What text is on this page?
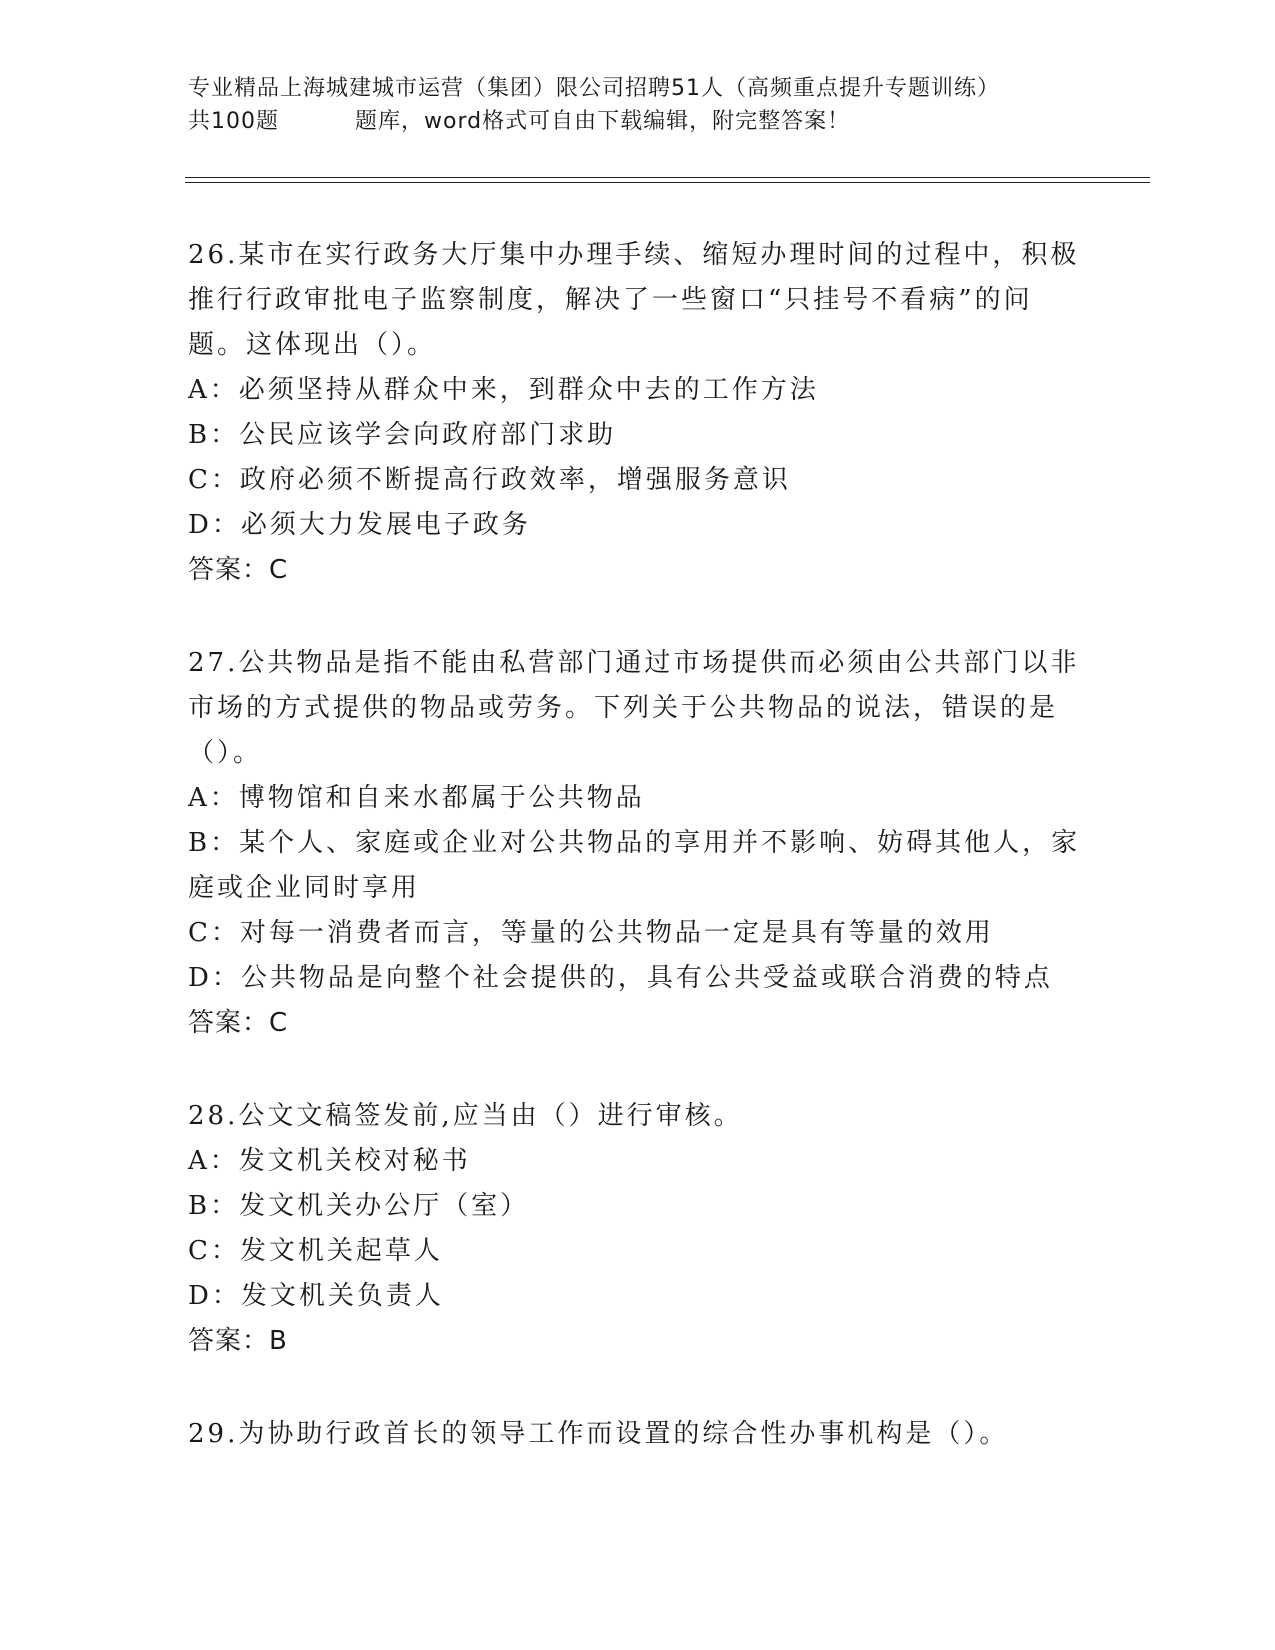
专业精品上海城建城市运营（集团）限公司招聘51人（高频重点提升专题训练）
共100题	题库，word格式可自由下载编辑，附完整答案！
26.某市在实行政务大厅集中办理手续、缩短办理时间的过程中，积极
推行行政审批电子监察制度，解决了一些窗口“只挂号不看病”的问
题。这体现出（）。
A：必须坚持从群众中来，到群众中去的工作方法
B：公民应该学会向政府部门求助
C：政府必须不断提高行政效率，增强服务意识
D：必须大力发展电子政务
答案：C
27.公共物品是指不能由私营部门通过市场提供而必须由公共部门以非
市场的方式提供的物品或劳务。下列关于公共物品的说法，错误的是
（）。
A：博物馆和自来水都属于公共物品
B：某个人、家庭或企业对公共物品的享用并不影响、妨碍其他人，家
庭或企业同时享用
C：对每一消费者而言，等量的公共物品一定是具有等量的效用
D：公共物品是向整个社会提供的，具有公共受益或联合消费的特点
答案：C
28.公文文稿签发前,应当由（）进行审核。
A：发文机关校对秘书
B：发文机关办公厅（室）
C：发文机关起草人
D：发文机关负责人
答案：B
29.为协助行政首长的领导工作而设置的综合性办事机构是（）。
